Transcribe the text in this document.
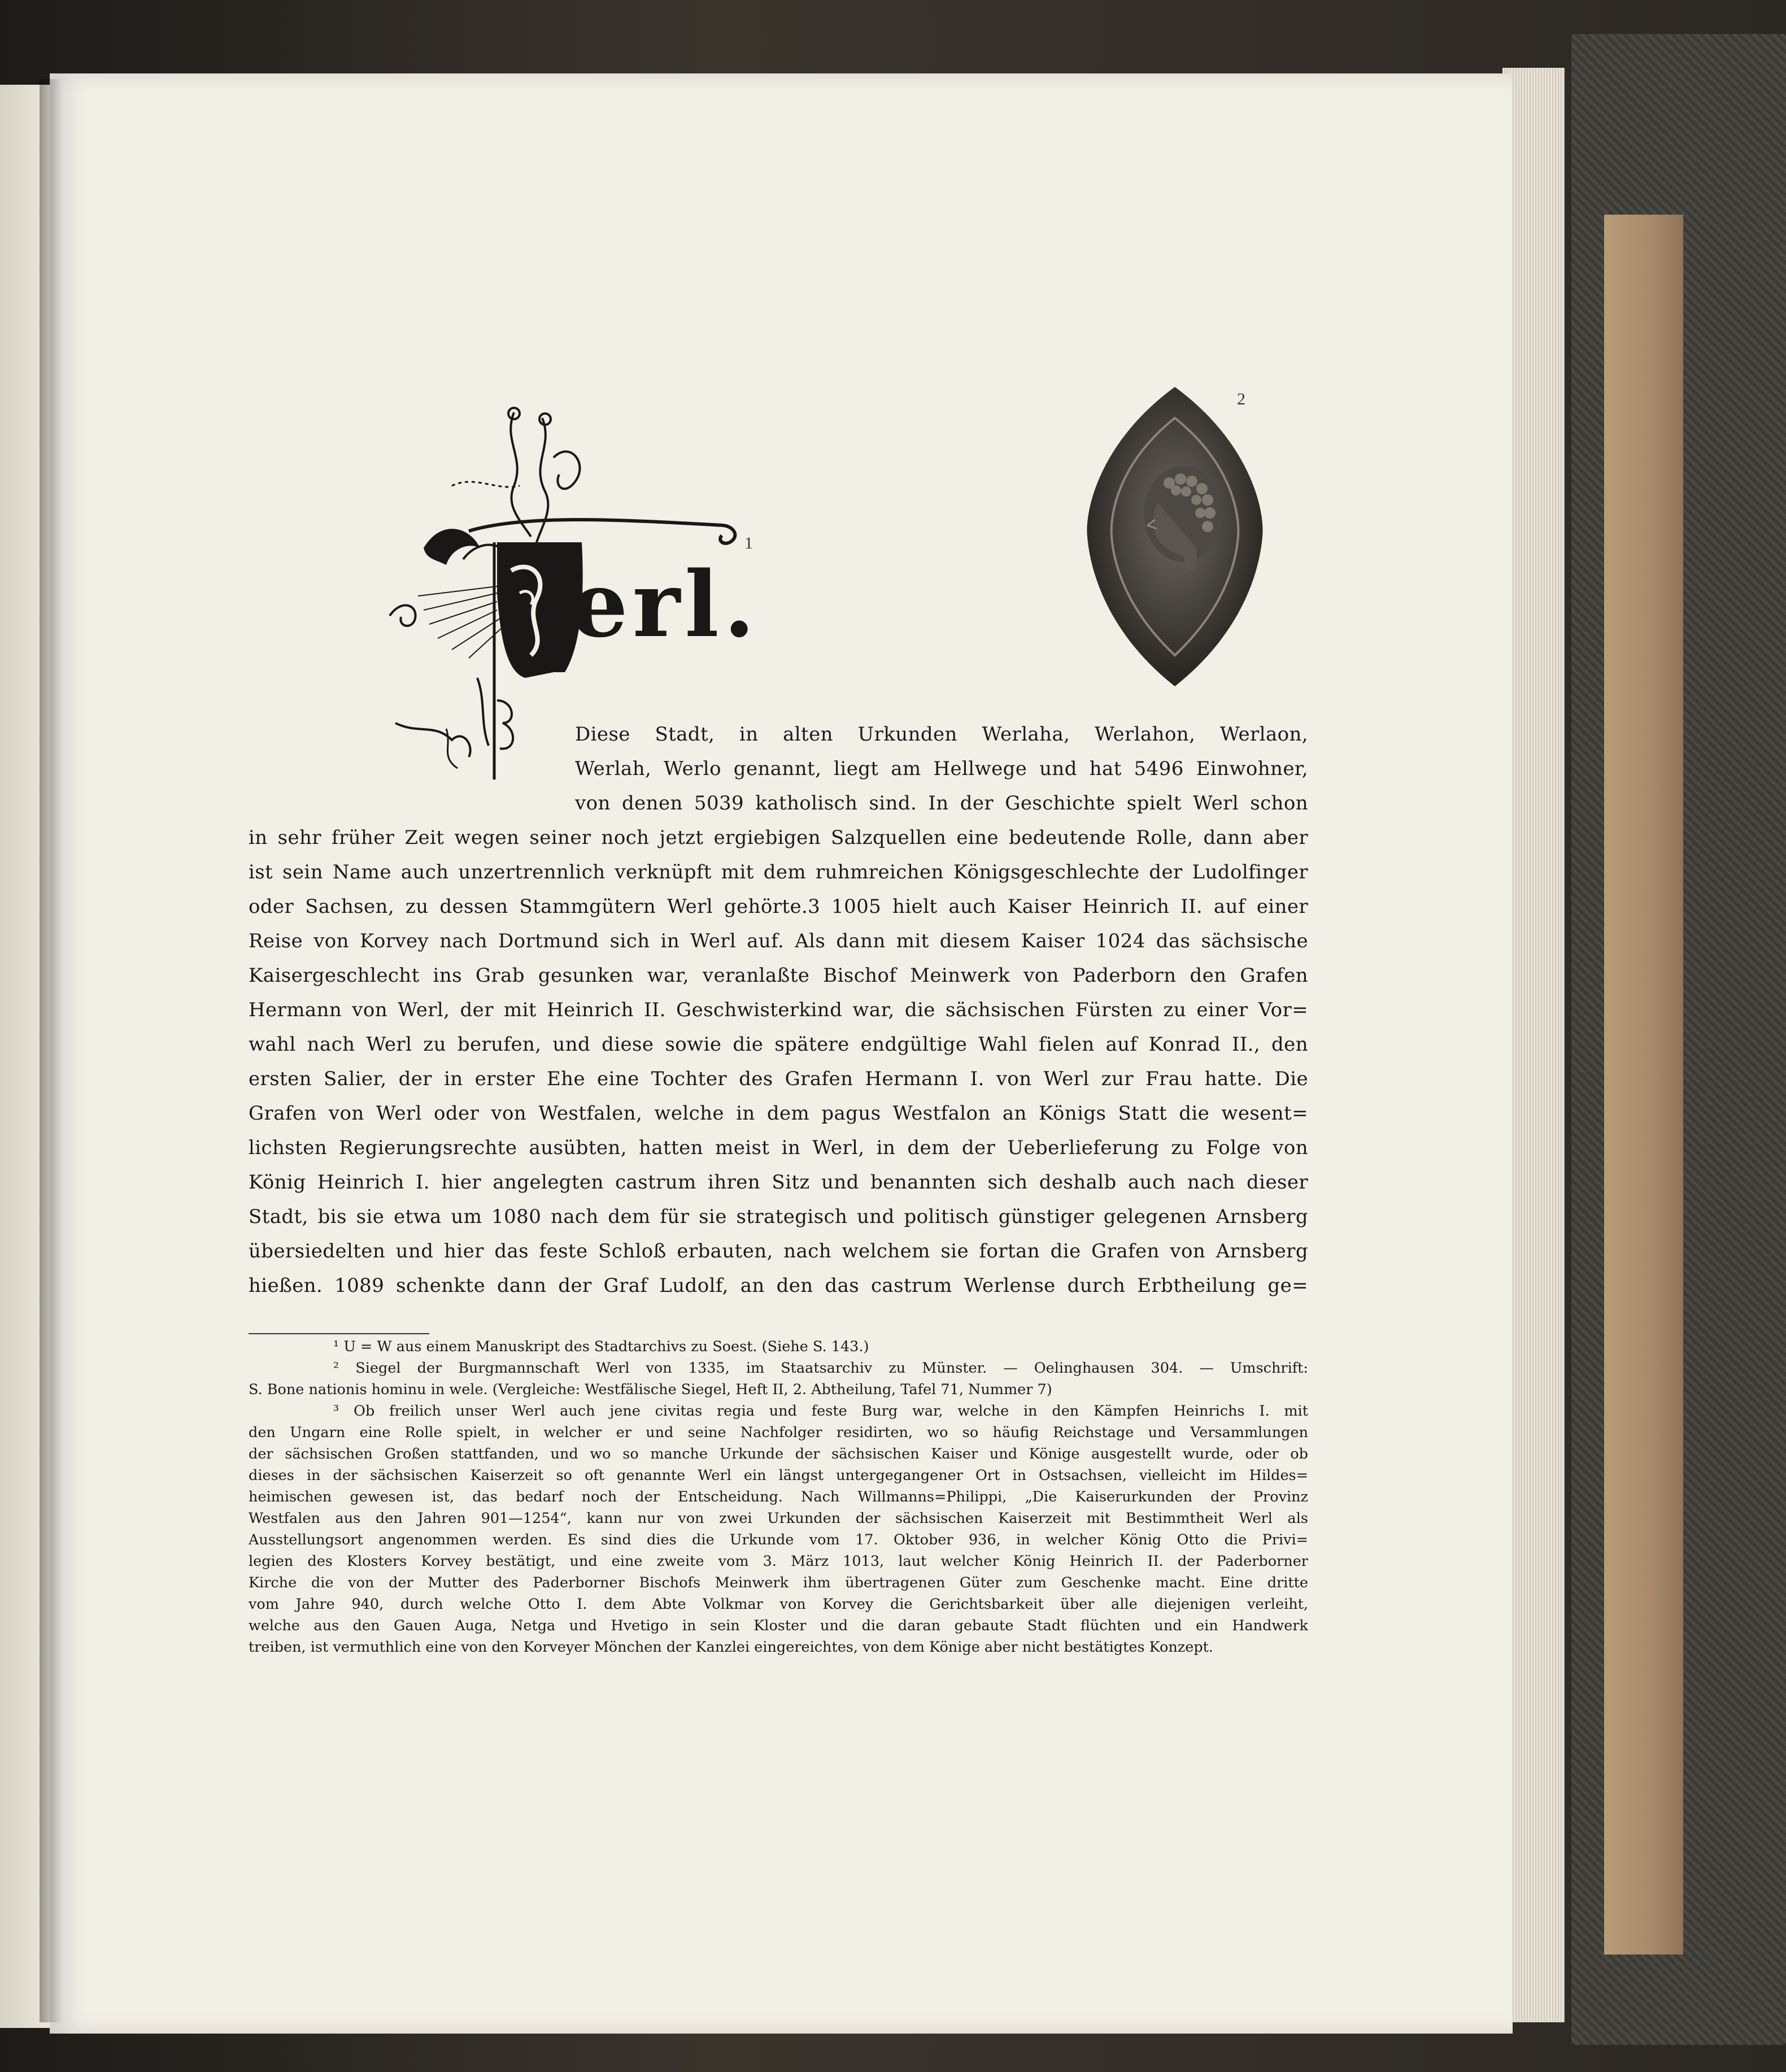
erl.
1
2
Diese Stadt, in alten Urkunden Werlaha, Werlahon, Werlaon,
Werlah, Werlo genannt, liegt am Hellwege und hat 5496 Einwohner,
von denen 5039 katholisch sind. In der Geschichte spielt Werl schon
in sehr früher Zeit wegen seiner noch jetzt ergiebigen Salzquellen eine bedeutende Rolle, dann aber
ist sein Name auch unzertrennlich verknüpft mit dem ruhmreichen Königsgeschlechte der Ludolfinger
oder Sachsen, zu dessen Stammgütern Werl gehörte.3 1005 hielt auch Kaiser Heinrich II. auf einer
Reise von Korvey nach Dortmund sich in Werl auf. Als dann mit diesem Kaiser 1024 das sächsische
Kaisergeschlecht ins Grab gesunken war, veranlaßte Bischof Meinwerk von Paderborn den Grafen
Hermann von Werl, der mit Heinrich II. Geschwisterkind war, die sächsischen Fürsten zu einer Vor=
wahl nach Werl zu berufen, und diese sowie die spätere endgültige Wahl fielen auf Konrad II., den
ersten Salier, der in erster Ehe eine Tochter des Grafen Hermann I. von Werl zur Frau hatte. Die
Grafen von Werl oder von Westfalen, welche in dem pagus Westfalon an Königs Statt die wesent=
lichsten Regierungsrechte ausübten, hatten meist in Werl, in dem der Ueberlieferung zu Folge von
König Heinrich I. hier angelegten castrum ihren Sitz und benannten sich deshalb auch nach dieser
Stadt, bis sie etwa um 1080 nach dem für sie strategisch und politisch günstiger gelegenen Arnsberg
übersiedelten und hier das feste Schloß erbauten, nach welchem sie fortan die Grafen von Arnsberg
hießen. 1089 schenkte dann der Graf Ludolf, an den das castrum Werlense durch Erbtheilung ge=
¹ U = W aus einem Manuskript des Stadtarchivs zu Soest. (Siehe S. 143.)
² Siegel der Burgmannschaft Werl von 1335, im Staatsarchiv zu Münster. — Oelinghausen 304. — Umschrift:
S. Bone nationis hominu in wele. (Vergleiche: Westfälische Siegel, Heft II, 2. Abtheilung, Tafel 71, Nummer 7)
³ Ob freilich unser Werl auch jene civitas regia und feste Burg war, welche in den Kämpfen Heinrichs I. mit
den Ungarn eine Rolle spielt, in welcher er und seine Nachfolger residirten, wo so häufig Reichstage und Versammlungen
der sächsischen Großen stattfanden, und wo so manche Urkunde der sächsischen Kaiser und Könige ausgestellt wurde, oder ob
dieses in der sächsischen Kaiserzeit so oft genannte Werl ein längst untergegangener Ort in Ostsachsen, vielleicht im Hildes=
heimischen gewesen ist, das bedarf noch der Entscheidung. Nach Willmanns=Philippi, „Die Kaiserurkunden der Provinz
Westfalen aus den Jahren 901—1254“, kann nur von zwei Urkunden der sächsischen Kaiserzeit mit Bestimmtheit Werl als
Ausstellungsort angenommen werden. Es sind dies die Urkunde vom 17. Oktober 936, in welcher König Otto die Privi=
legien des Klosters Korvey bestätigt, und eine zweite vom 3. März 1013, laut welcher König Heinrich II. der Paderborner
Kirche die von der Mutter des Paderborner Bischofs Meinwerk ihm übertragenen Güter zum Geschenke macht. Eine dritte
vom Jahre 940, durch welche Otto I. dem Abte Volkmar von Korvey die Gerichtsbarkeit über alle diejenigen verleiht,
welche aus den Gauen Auga, Netga und Hvetigo in sein Kloster und die daran gebaute Stadt flüchten und ein Handwerk
treiben, ist vermuthlich eine von den Korveyer Mönchen der Kanzlei eingereichtes, von dem Könige aber nicht bestätigtes Konzept.
